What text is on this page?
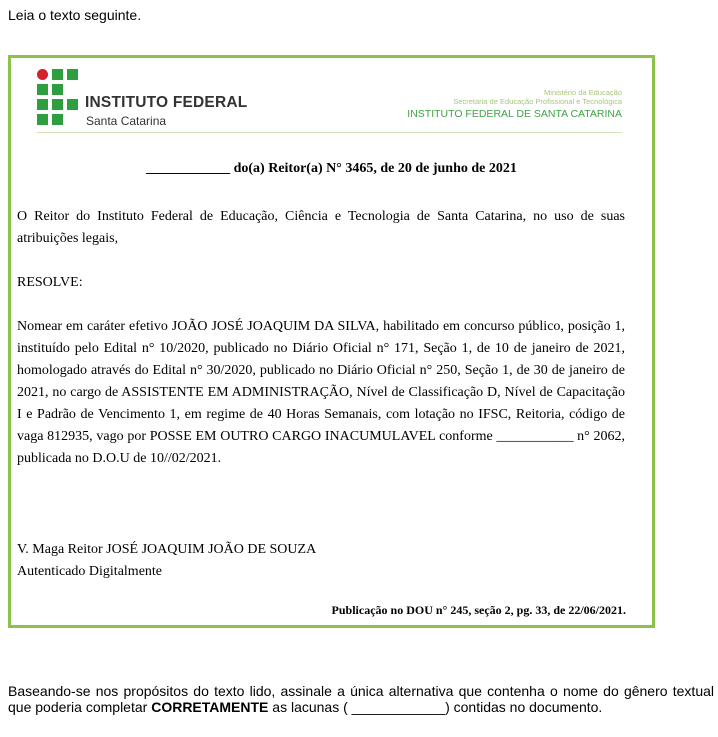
Leia o texto seguinte.
INSTITUTO FEDERAL
Santa Catarina
Ministério da Educação
Secretaria de Educação Profissional e Tecnológica
INSTITUTO FEDERAL DE SANTA CATARINA
____________ do(a) Reitor(a) N° 3465, de 20 de junho de 2021
O Reitor do Instituto Federal de Educação, Ciência e Tecnologia de Santa Catarina, no uso de suas atribuições legais,
RESOLVE:
Nomear em caráter efetivo JOÃO JOSÉ JOAQUIM DA SILVA, habilitado em concurso público, posição 1, instituído pelo Edital n° 10/2020, publicado no Diário Oficial n° 171, Seção 1, de 10 de janeiro de 2021, homologado através do Edital n° 30/2020, publicado no Diário Oficial n° 250, Seção 1, de 30 de janeiro de 2021, no cargo de ASSISTENTE EM ADMINISTRAÇÃO, Nível de Classificação D, Nível de Capacitação I e Padrão de Vencimento 1, em regime de 40 Horas Semanais, com lotação no IFSC, Reitoria, código de vaga 812935, vago por POSSE EM OUTRO CARGO INACUMULAVEL conforme ___________ n° 2062, publicada no D.O.U de 10//02/2021.
V. Maga Reitor JOSÉ JOAQUIM JOÃO DE SOUZA
Autenticado Digitalmente
Publicação no DOU n° 245, seção 2, pg. 33, de 22/06/2021.
Baseando-se nos propósitos do texto lido, assinale a única alternativa que contenha o nome do gênero textual que poderia completar CORRETAMENTE as lacunas ( ____________) contidas no documento.
